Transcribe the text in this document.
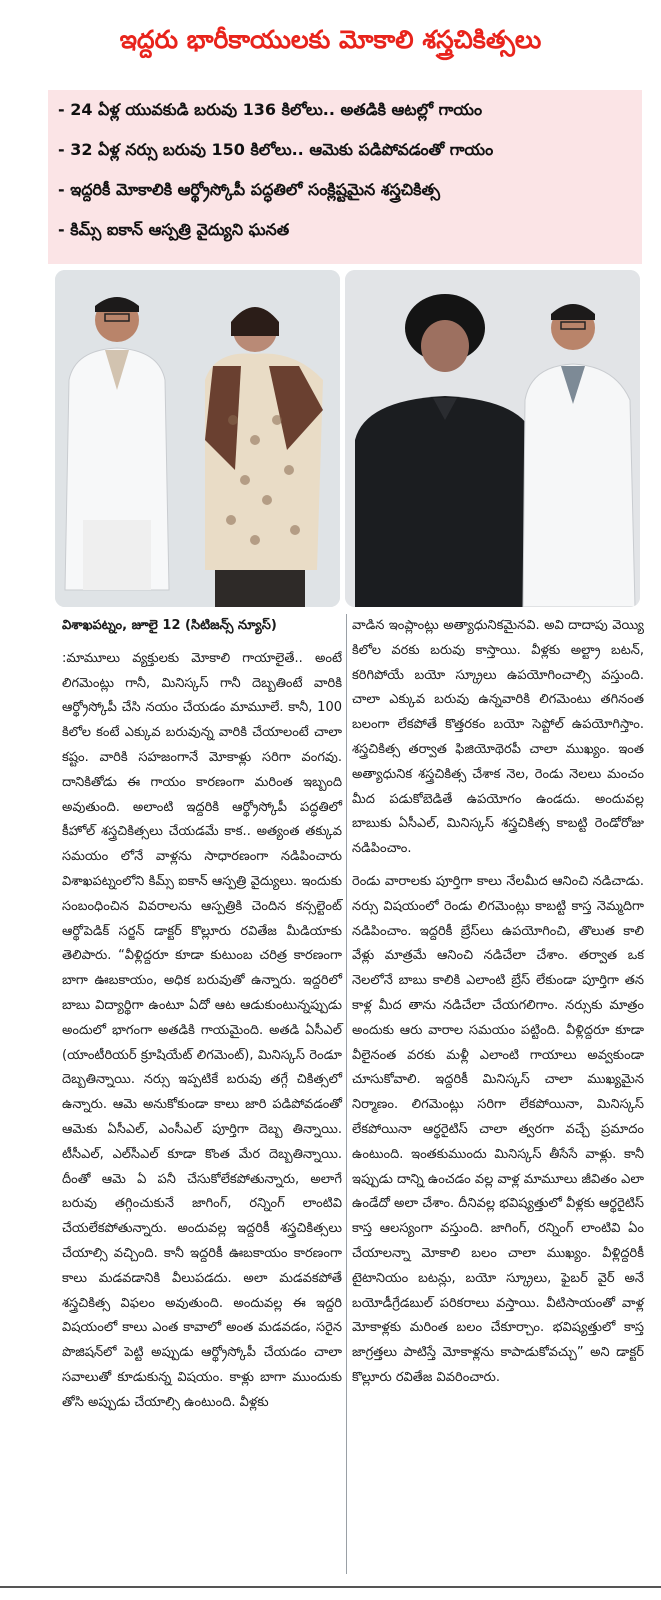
ఇద్దరు భారీకాయులకు మోకాలి శస్త్రచికిత్సలు
- 24 ఏళ్ల యువకుడి బరువు 136 కిలోలు.. అతడికి ఆటల్లో గాయం
- 32 ఏళ్ల నర్సు బరువు 150 కిలోలు.. ఆమెకు పడిపోవడంతో గాయం
- ఇద్దరికీ మోకాలికి ఆర్థ్రోస్కోపీ పద్ధతిలో సంక్లిష్టమైన శస్త్రచికిత్స
- కిమ్స్ ఐకాన్ ఆస్పత్రి వైద్యుని ఘనత

విశాఖపట్నం, జూలై 12 (సిటిజన్స్ న్యూస్)

:మామూలు వ్యక్తులకు మోకాలి గాయాలైతే.. అంటే లిగమెంట్లు గానీ, మినిస్కస్ గానీ దెబ్బతింటే వారికి ఆర్థ్రోస్కోపీ చేసి నయం చేయడం మామూలే. కానీ, 100 కిలోల కంటే ఎక్కువ బరువున్న వారికి చేయాలంటే చాలా కష్టం. వారికి సహజంగానే మోకాళ్లు సరిగా వంగవు. దానికితోడు ఈ గాయం కారణంగా మరింత ఇబ్బంది అవుతుంది. అలాంటి ఇద్దరికి ఆర్థ్రోస్కోపీ పద్ధతిలో కీహోల్ శస్త్రచికిత్సలు చేయడమే కాక.. అత్యంత తక్కువ సమయం లోనే వాళ్లను సాధారణంగా నడిపించారు విశాఖపట్నంలోని కిమ్స్ ఐకాన్ ఆస్పత్రి వైద్యులు. ఇందుకు సంబంధించిన వివరాలను ఆస్పత్రికి చెందిన కన్సల్టెంట్ ఆర్థోపెడిక్ సర్జన్ డాక్టర్ కొల్లూరు రవితేజ మీడియాకు తెలిపారు. “వీళ్లిద్దరూ కూడా కుటుంబ చరిత్ర కారణంగా బాగా ఊబకాయం, అధిక బరువుతో ఉన్నారు. ఇద్దరిలో బాబు విద్యార్థిగా ఉంటూ ఏదో ఆట ఆడుకుంటున్నప్పుడు అందులో భాగంగా అతడికి గాయమైంది. అతడి ఏసీఎల్ (యాంటీరియర్ క్రూషియేట్ లిగమెంట్), మినిస్కస్ రెండూ దెబ్బతిన్నాయి. నర్సు ఇప్పటికే బరువు తగ్గే చికిత్సలో ఉన్నారు. ఆమె అనుకోకుండా కాలు జారి పడిపోవడంతో ఆమెకు ఏసీఎల్, ఎంసీఎల్ పూర్తిగా దెబ్బ తిన్నాయి. టీసీఎల్, ఎల్‌సీఎల్ కూడా కొంత మేర దెబ్బతిన్నాయి. దీంతో ఆమె ఏ పనీ చేసుకోలేకపోతున్నారు, అలాగే బరువు తగ్గించుకునే జాగింగ్, రన్నింగ్ లాంటివి చేయలేకపోతున్నారు. అందువల్ల ఇద్దరికీ శస్త్రచికిత్సలు చేయాల్సి వచ్చింది. కానీ ఇద్దరికీ ఊబకాయం కారణంగా కాలు మడవడానికి వీలుపడదు. అలా మడవకపోతే శస్త్రచికిత్స విఫలం అవుతుంది. అందువల్ల ఈ ఇద్దరి విషయంలో కాలు ఎంత కావాలో అంత మడవడం, సరైన పొజిషన్‌లో పెట్టి అప్పుడు ఆర్థ్రోస్కోపీ చేయడం చాలా సవాలుతో కూడుకున్న విషయం. కాళ్లు బాగా ముందుకు తోసి అప్పుడు చేయాల్సి ఉంటుంది. వీళ్లకు

వాడిన ఇంప్లాంట్లు అత్యాధునికమైనవి. అవి దాదాపు వెయ్యి కిలోల వరకు బరువు కాస్తాయి. వీళ్లకు అల్ట్రా బటన్, కరిగిపోయే బయో స్క్రూలు ఉపయోగించాల్సి వస్తుంది. చాలా ఎక్కువ బరువు ఉన్నవారికి లిగమెంటు తగినంత బలంగా లేకపోతే కొత్తరకం బయో సెప్టోల్ ఉపయోగిస్తాం. శస్త్రచికిత్స తర్వాత ఫిజియోథెరపీ చాలా ముఖ్యం. ఇంత అత్యాధునిక శస్త్రచికిత్స చేశాక నెల, రెండు నెలలు మంచం మీద పడుకోబెడితే ఉపయోగం ఉండదు. అందువల్ల బాబుకు ఏసీఎల్, మినిస్కస్ శస్త్రచికిత్స కాబట్టి రెండోరోజు నడిపించాం.

రెండు వారాలకు పూర్తిగా కాలు నేలమీద ఆనించి నడిచాడు. నర్సు విషయంలో రెండు లిగమెంట్లు కాబట్టి కాస్త నెమ్మదిగా నడిపించాం. ఇద్దరికీ బ్రేస్‌లు ఉపయోగించి, తొలుత కాలి వేళ్లు మాత్రమే ఆనించి నడిచేలా చేశాం. తర్వాత ఒక నెలలోనే బాబు కాలికి ఎలాంటి బ్రేస్ లేకుండా పూర్తిగా తన కాళ్ల మీద తాను నడిచేలా చేయగలిగాం. నర్సుకు మాత్రం అందుకు ఆరు వారాల సమయం పట్టింది. వీళ్లిద్దరూ కూడా వీలైనంత వరకు మళ్లీ ఎలాంటి గాయాలు అవ్వకుండా చూసుకోవాలి. ఇద్దరికీ మినిస్కస్ చాలా ముఖ్యమైన నిర్మాణం. లిగమెంట్లు సరిగా లేకపోయినా, మినిస్కస్ లేకపోయినా ఆర్థరైటిస్ చాలా త్వరగా వచ్చే ప్రమాదం ఉంటుంది. ఇంతకుముందు మినిస్కస్ తీసేసే వాళ్లు. కానీ ఇప్పుడు దాన్ని ఉంచడం వల్ల వాళ్ల మామూలు జీవితం ఎలా ఉండేదో అలా చేశాం. దీనివల్ల భవిష్యత్తులో వీళ్లకు ఆర్థరైటిస్ కాస్త ఆలస్యంగా వస్తుంది. జాగింగ్, రన్నింగ్ లాంటివి ఏం చేయాలన్నా మోకాలి బలం చాలా ముఖ్యం. వీళ్లిద్దరికీ టైటానియం బటన్లు, బయో స్క్రూలు, ఫైబర్ వైర్ అనే బయోడీగ్రేడబుల్ పరికరాలు వస్తాయి. వీటిసాయంతో వాళ్ల మోకాళ్లకు మరింత బలం చేకూర్చాం. భవిష్యత్తులో కాస్త జాగ్రత్తలు పాటిస్తే మోకాళ్లను కాపాడుకోవచ్చు” అని డాక్టర్ కొల్లూరు రవితేజ వివరించారు.
